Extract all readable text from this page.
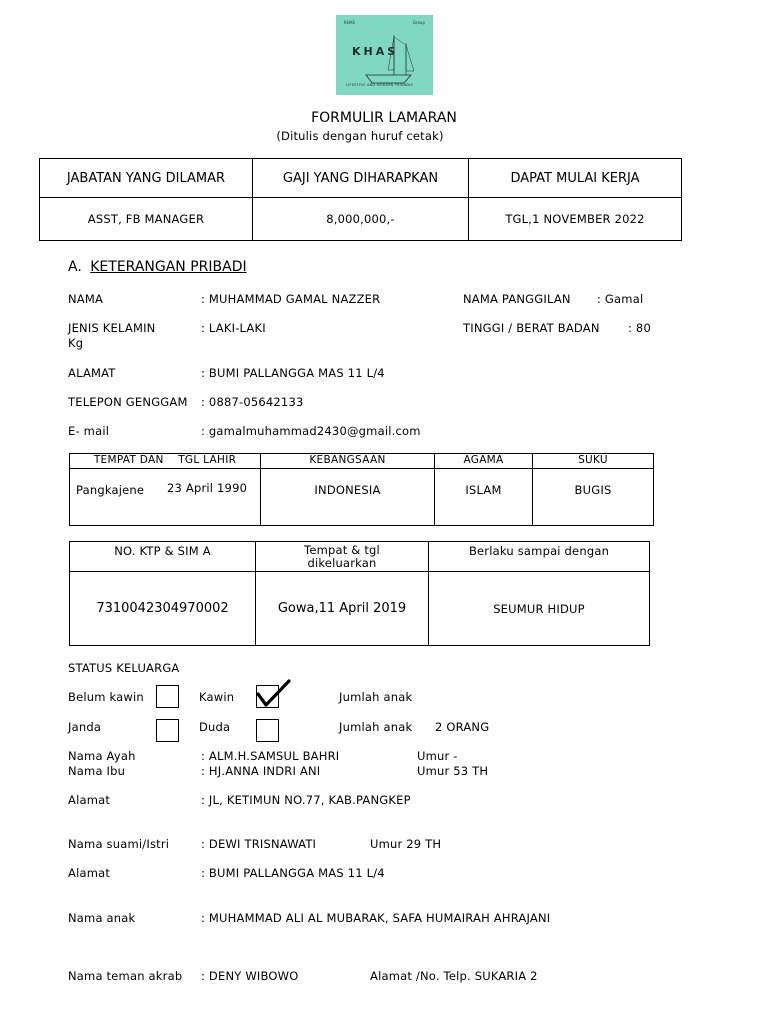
KHAS	Group
KHAS
LIFESTYLE AND MODERN FRIENDLY
FORMULIR LAMARAN
(Ditulis dengan huruf cetak)
JABATAN YANG DILAMAR	GAJI YANG DIHARAPKAN	DAPAT MULAI KERJA
ASST, FB MANAGER	8,000,000,-	TGL,1 NOVEMBER 2022
A. KETERANGAN PRIBADI
NAMA	: MUHAMMAD GAMAL NAZZER	NAMA PANGGILAN : Gamal
JENIS KELAMIN	: LAKI-LAKI	TINGGI / BERAT BADAN : 80
Kg
ALAMAT	: BUMI PALLANGGA MAS 11 L/4
TELEPON GENGGAM : 0887-05642133
E- mail	: gamalmuhammad2430@gmail.com
TEMPAT DAN    TGL LAHIR	KEBANGSAAN	AGAMA	SUKU

Pangkajene 23 April 1990	INDONESIA	ISLAM	BUGIS
NO. KTP & SIM A	Tempat & tgl dikeluarkan	Berlaku sampai dengan
7310042304970002	Gowa,11 April 2019	SEUMUR HIDUP
STATUS KELUARGA
Belum kawin	Kawin	Jumlah anak
Janda	Duda	Jumlah anak 2 ORANG
Nama Ayah	: ALM.H.SAMSUL BAHRI	Umur -
Nama Ibu	: HJ.ANNA INDRI ANI	Umur 53 TH
Alamat	: JL, KETIMUN NO.77, KAB.PANGKEP
Nama suami/Istri	: DEWI TRISNAWATI	Umur 29 TH
Alamat	: BUMI PALLANGGA MAS 11 L/4
Nama anak	: MUHAMMAD ALI AL MUBARAK, SAFA HUMAIRAH AHRAJANI
Nama teman akrab : DENY WIBOWO	Alamat /No. Telp. SUKARIA 2
